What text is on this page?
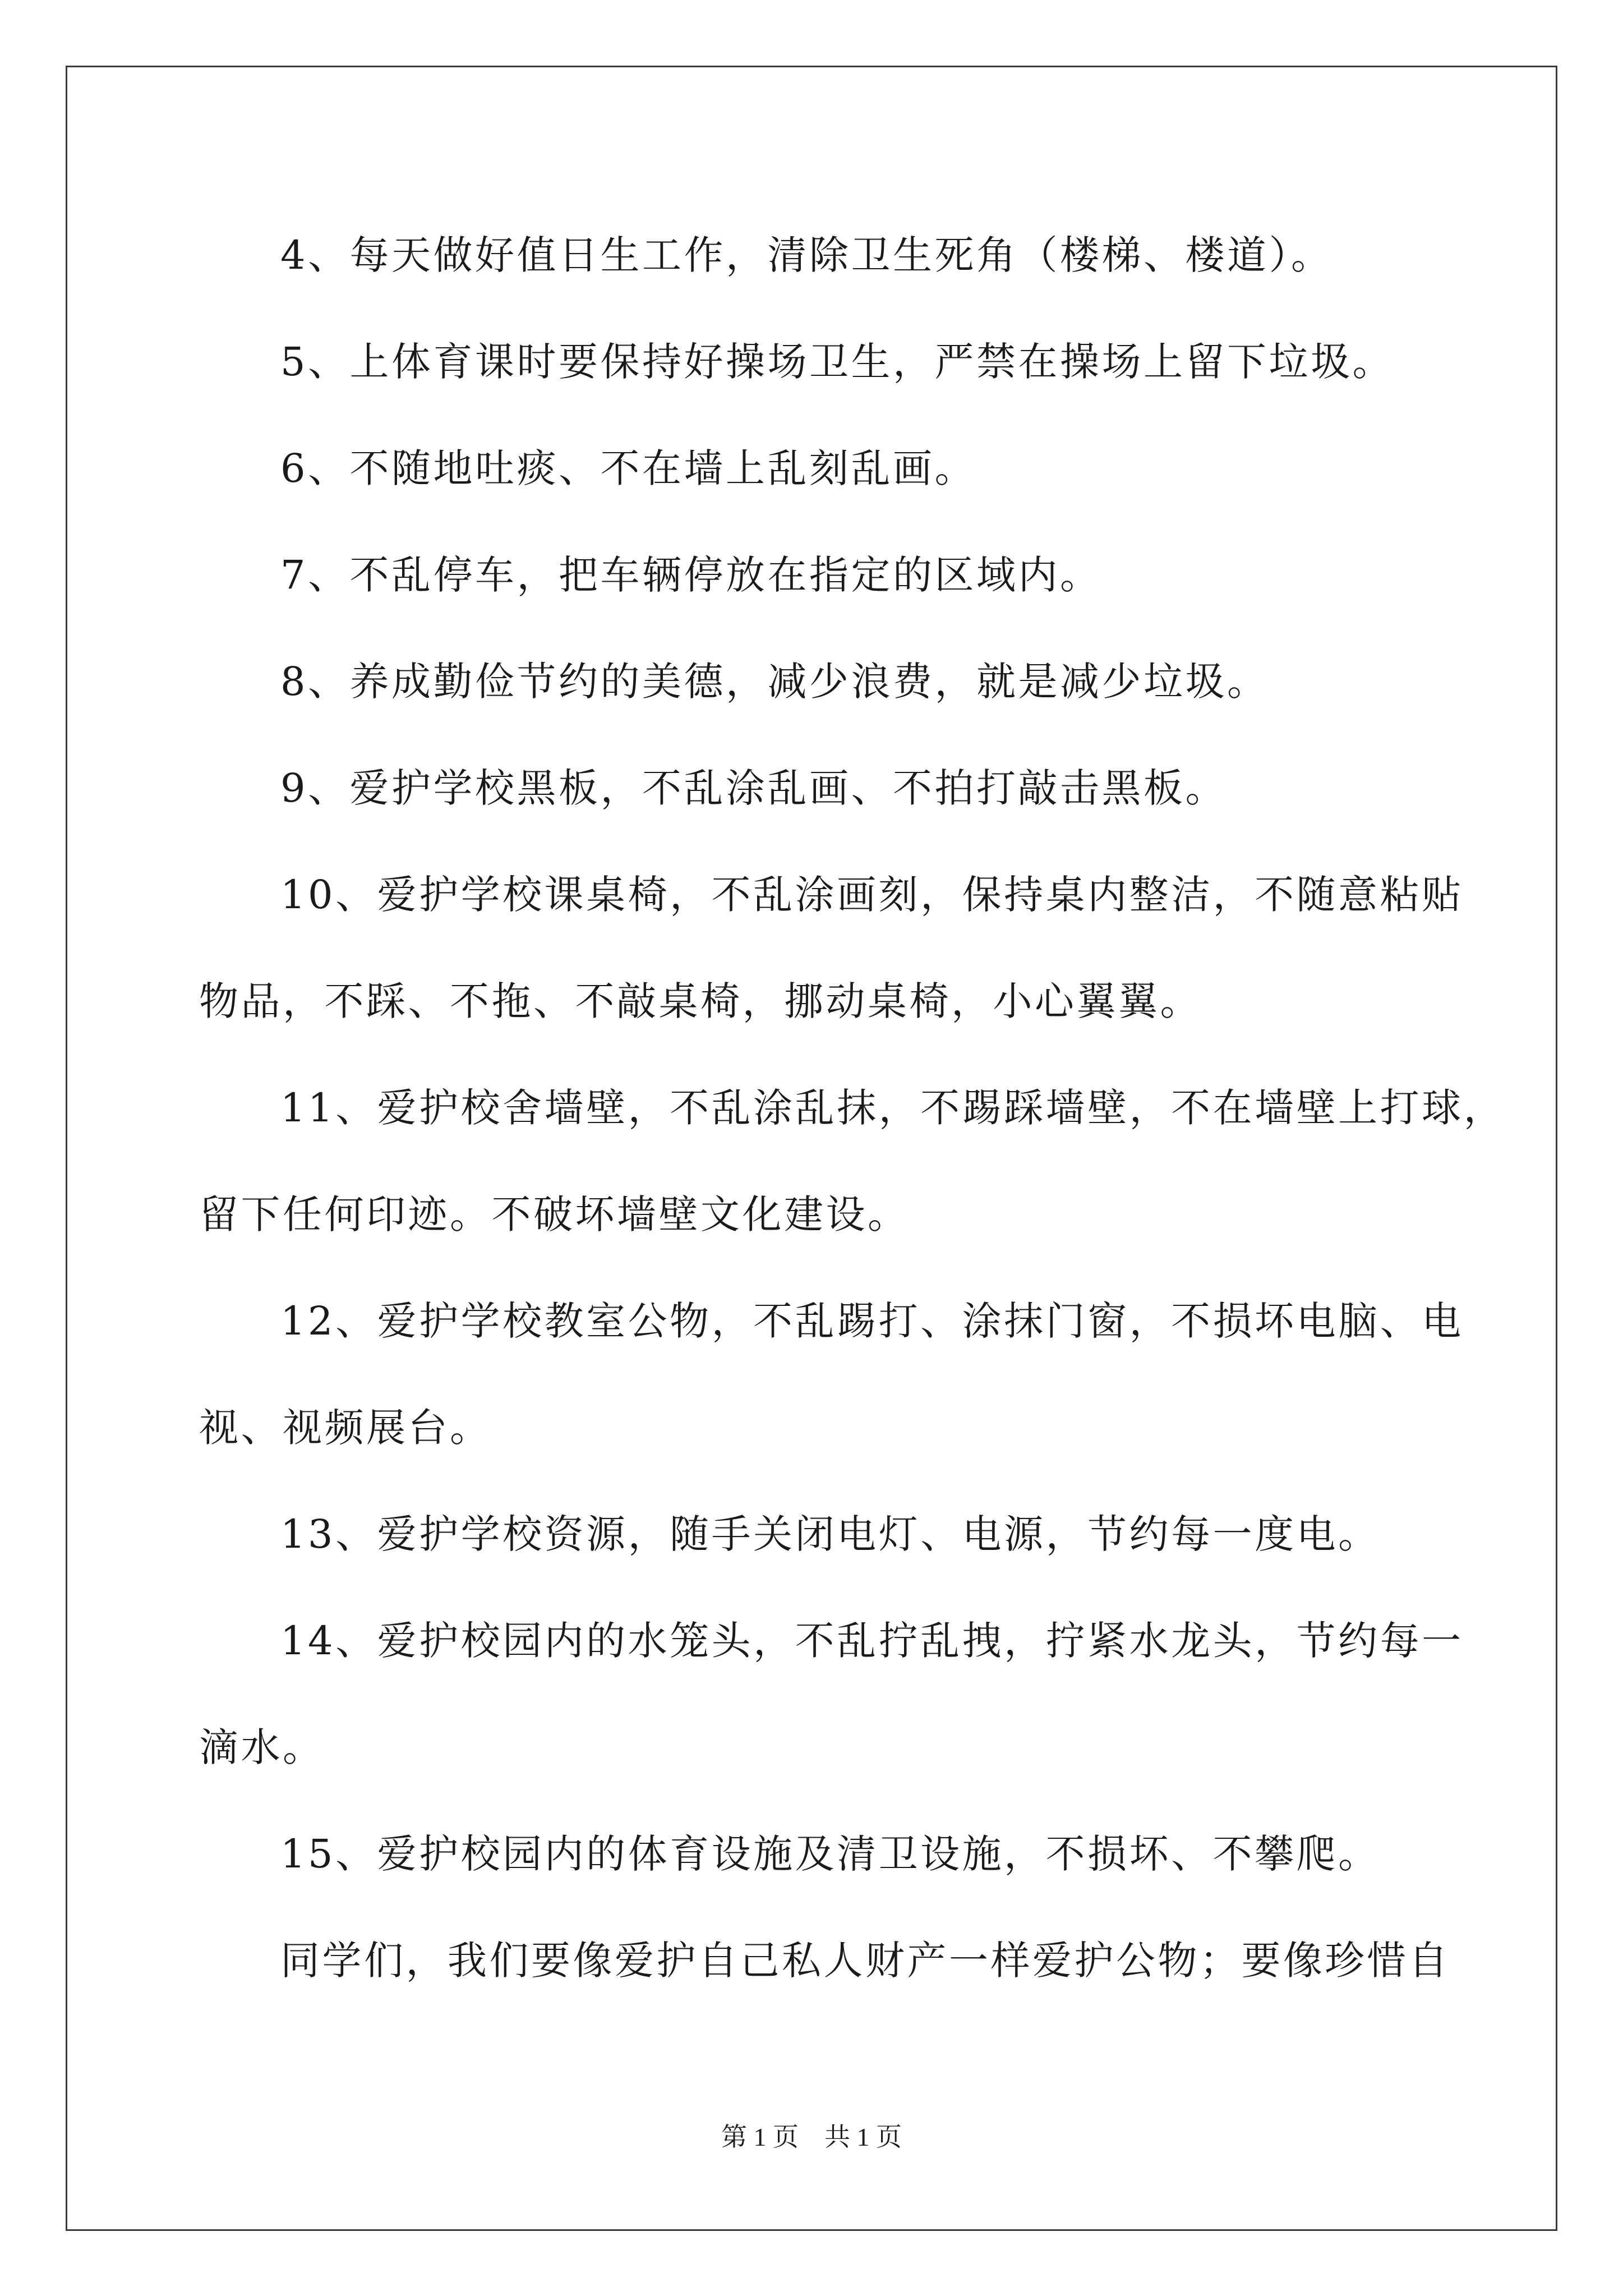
4、每天做好值日生工作，清除卫生死角（楼梯、楼道）。
5、上体育课时要保持好操场卫生，严禁在操场上留下垃圾。
6、不随地吐痰、不在墙上乱刻乱画。
7、不乱停车，把车辆停放在指定的区域内。
8、养成勤俭节约的美德，减少浪费，就是减少垃圾。
9、爱护学校黑板，不乱涂乱画、不拍打敲击黑板。
10、爱护学校课桌椅，不乱涂画刻，保持桌内整洁，不随意粘贴
物品，不踩、不拖、不敲桌椅，挪动桌椅，小心翼翼。
11、爱护校舍墙壁，不乱涂乱抹，不踢踩墙壁，不在墙壁上打球，
留下任何印迹。不破坏墙壁文化建设。
12、爱护学校教室公物，不乱踢打、涂抹门窗，不损坏电脑、电
视、视频展台。
13、爱护学校资源，随手关闭电灯、电源，节约每一度电。
14、爱护校园内的水笼头，不乱拧乱拽，拧紧水龙头，节约每一
滴水。
15、爱护校园内的体育设施及清卫设施，不损坏、不攀爬。
同学们，我们要像爱护自己私人财产一样爱护公物；要像珍惜自
第 1 页　共 1 页
